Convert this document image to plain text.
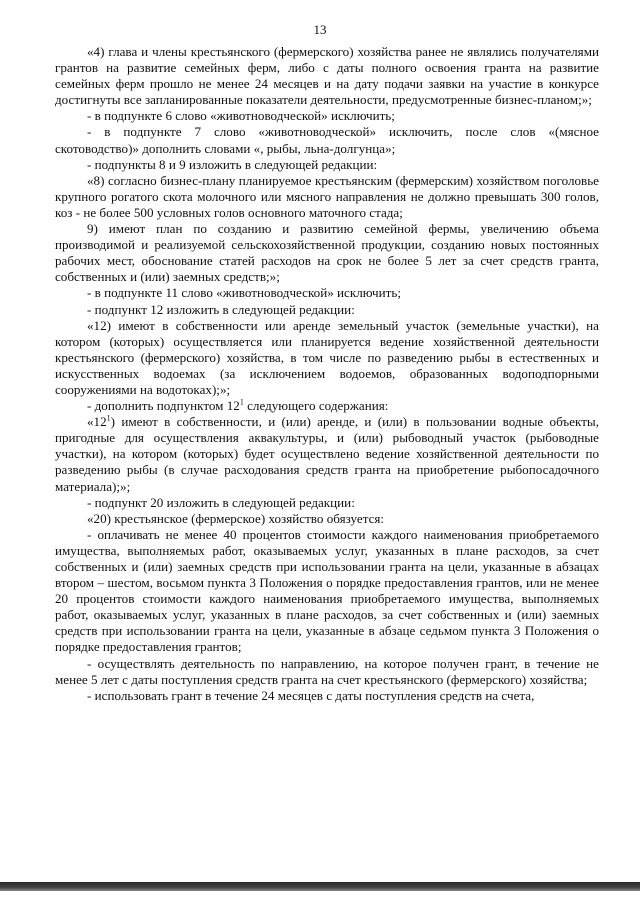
13

«4) глава и члены крестьянского (фермерского) хозяйства ранее не являлись получателями грантов на развитие семейных ферм, либо с даты полного освоения гранта на развитие семейных ферм прошло не менее 24 месяцев и на дату подачи заявки на участие в конкурсе достигнуты все запланированные показатели деятельности, предусмотренные бизнес-планом;»;

- в подпункте 6 слово «животноводческой» исключить;

- в подпункте 7 слово «животноводческой» исключить, после слов «(мясное скотоводство)» дополнить словами «, рыбы, льна-долгунца»;

- подпункты 8 и 9 изложить в следующей редакции:

«8) согласно бизнес-плану планируемое крестьянским (фермерским) хозяйством поголовье крупного рогатого скота молочного или мясного направления не должно превышать 300 голов, коз - не более 500 условных голов основного маточного стада;

9) имеют план по созданию и развитию семейной фермы, увеличению объема производимой и реализуемой сельскохозяйственной продукции, созданию новых постоянных рабочих мест, обоснование статей расходов на срок не более 5 лет за счет средств гранта, собственных и (или) заемных средств;»;

- в подпункте 11 слово «животноводческой» исключить;

- подпункт 12 изложить в следующей редакции:

«12) имеют в собственности или аренде земельный участок (земельные участки), на котором (которых) осуществляется или планируется ведение хозяйственной деятельности крестьянского (фермерского) хозяйства, в том числе по разведению рыбы в естественных и искусственных водоемах (за исключением водоемов, образованных водоподпорными сооружениями на водотоках);»;

- дополнить подпунктом $12^1$ следующего содержания:

«$12^1$) имеют в собственности, и (или) аренде, и (или) в пользовании водные объекты, пригодные для осуществления аквакультуры, и (или) рыбоводный участок (рыбоводные участки), на котором (которых) будет осуществлено ведение хозяйственной деятельности по разведению рыбы (в случае расходования средств гранта на приобретение рыбопосадочного материала);»;

- подпункт 20 изложить в следующей редакции:

«20) крестьянское (фермерское) хозяйство обязуется:

- оплачивать не менее 40 процентов стоимости каждого наименования приобретаемого имущества, выполняемых работ, оказываемых услуг, указанных в плане расходов, за счет собственных и (или) заемных средств при использовании гранта на цели, указанные в абзацах втором – шестом, восьмом пункта 3 Положения о порядке предоставления грантов, или не менее 20 процентов стоимости каждого наименования приобретаемого имущества, выполняемых работ, оказываемых услуг, указанных в плане расходов, за счет собственных и (или) заемных средств при использовании гранта на цели, указанные в абзаце седьмом пункта 3 Положения о порядке предоставления грантов;

- осуществлять деятельность по направлению, на которое получен грант, в течение не менее 5 лет с даты поступления средств гранта на счет крестьянского (фермерского) хозяйства;

- использовать грант в течение 24 месяцев с даты поступления средств на счета,
